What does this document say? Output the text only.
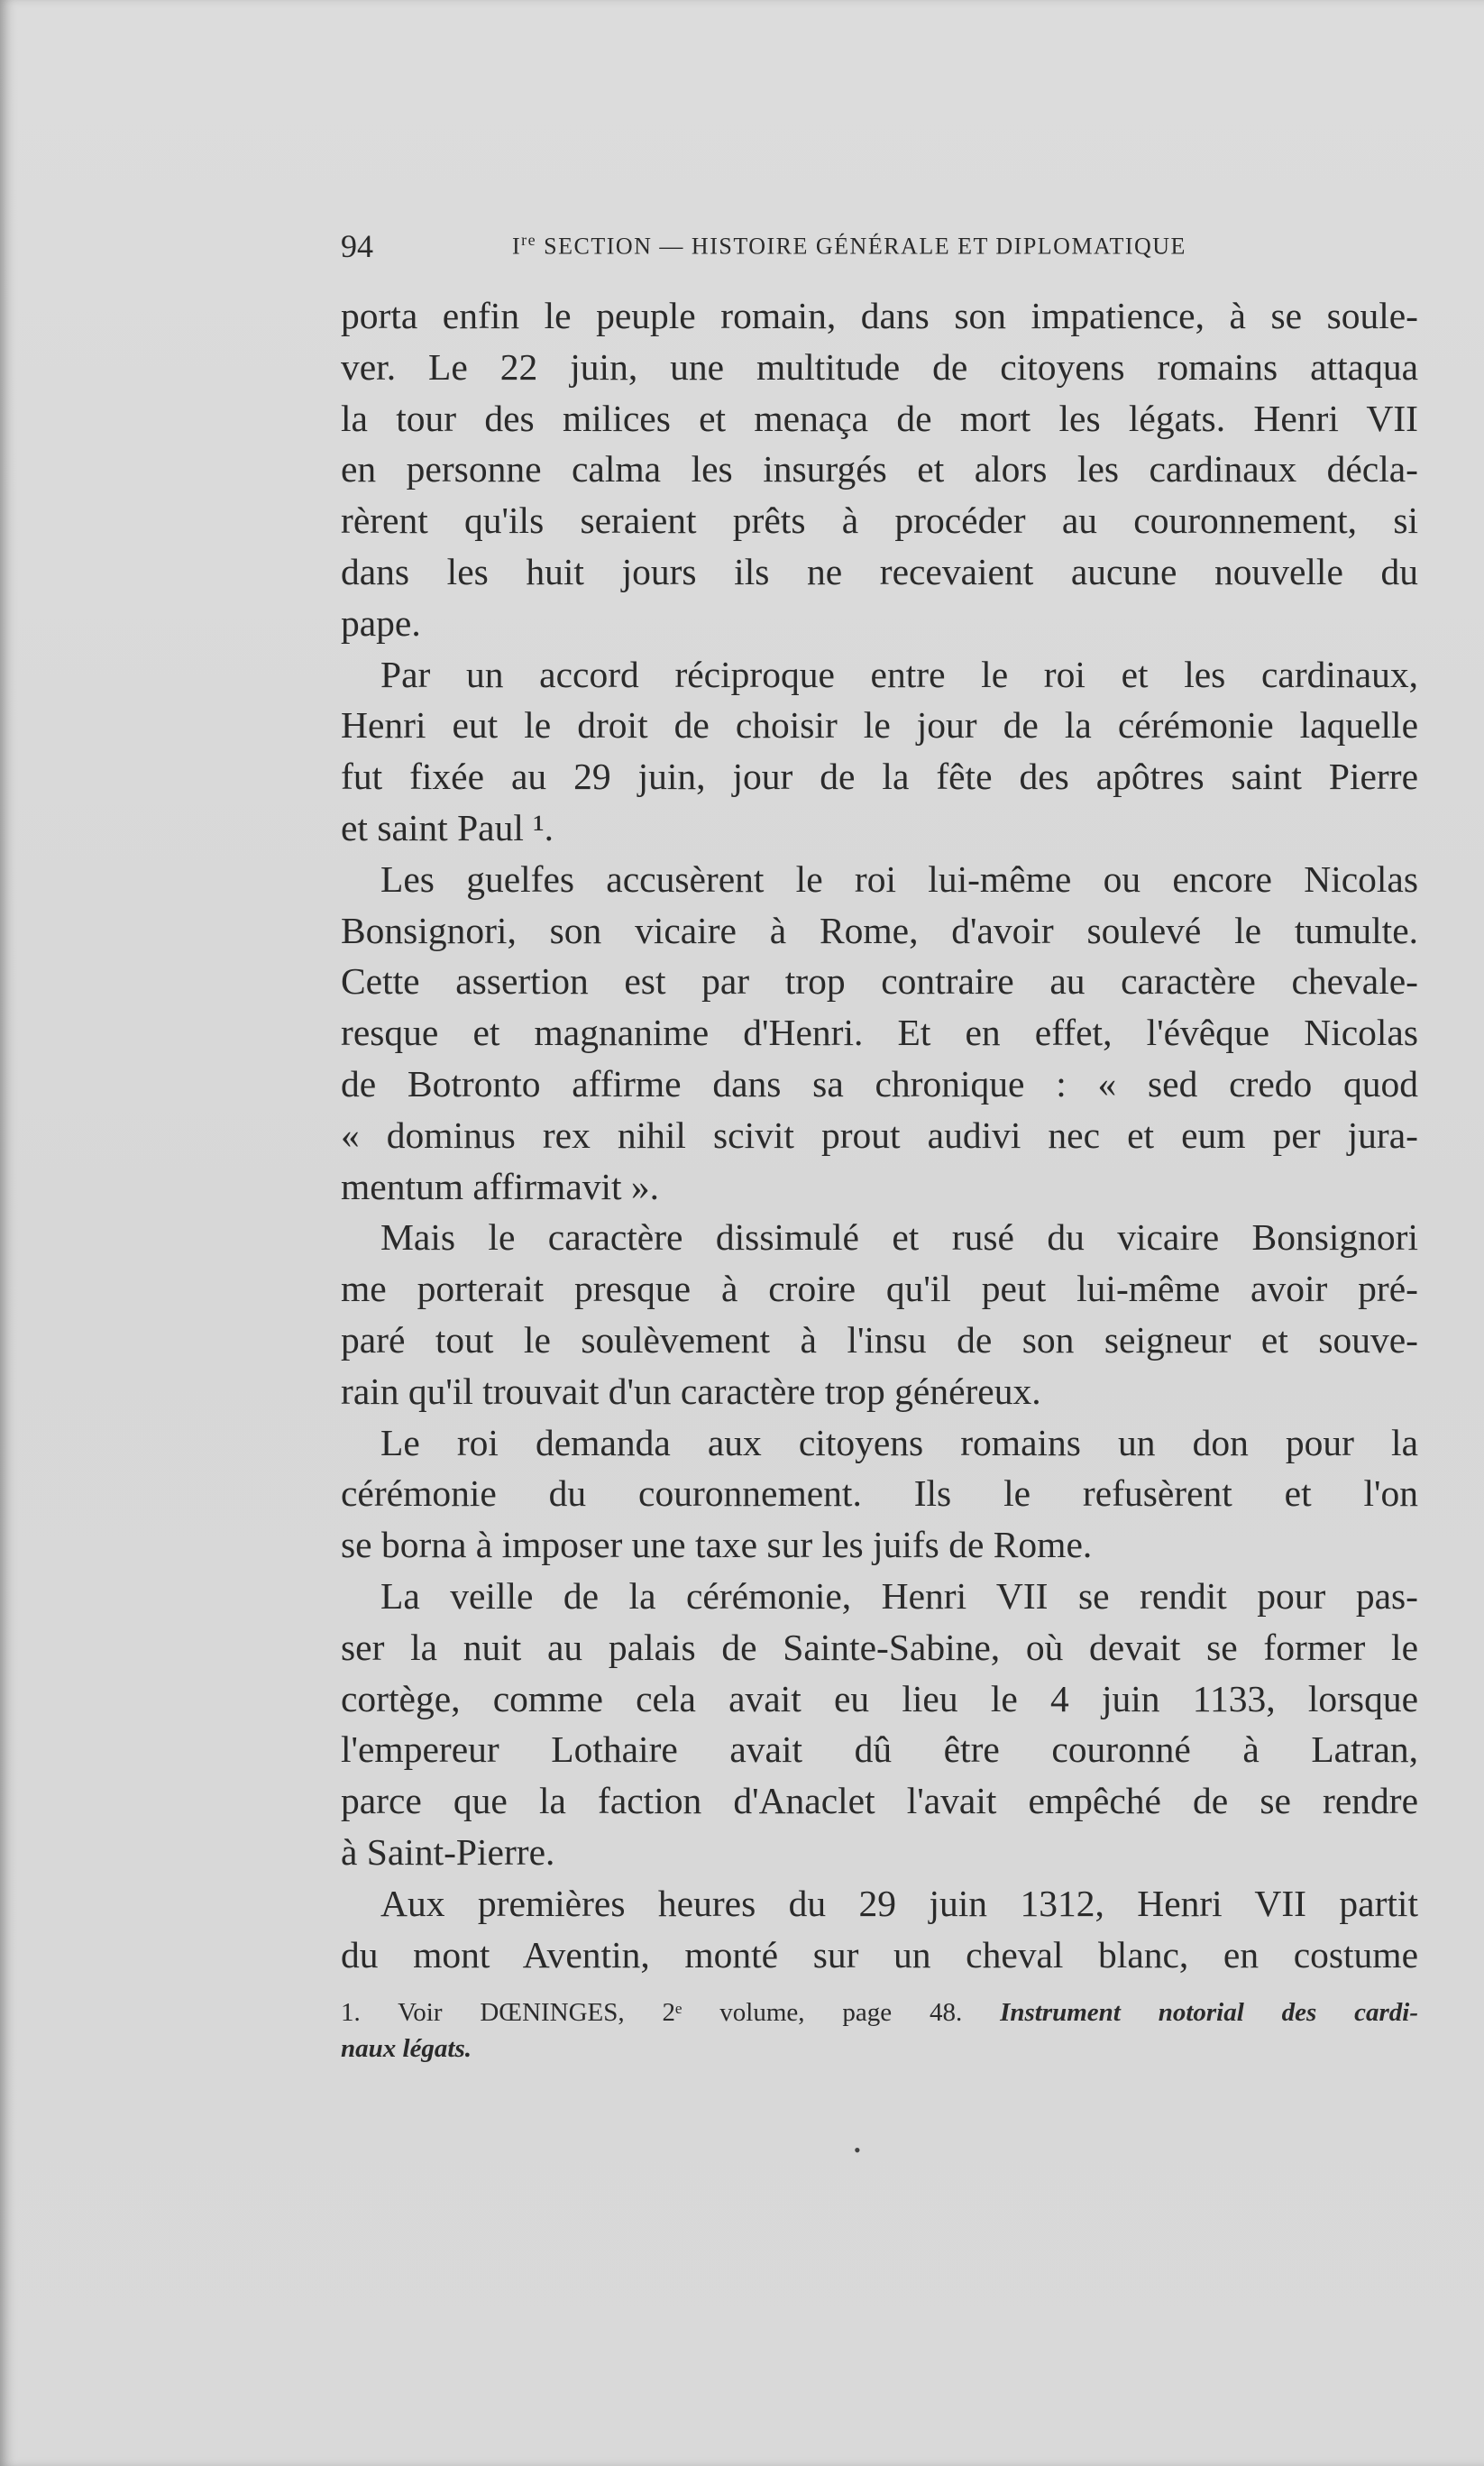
94	Ire SECTION — HISTOIRE GÉNÉRALE ET DIPLOMATIQUE
porta enfin le peuple romain, dans son impatience, à se soule-
ver. Le 22 juin, une multitude de citoyens romains attaqua
la tour des milices et menaça de mort les légats. Henri VII
en personne calma les insurgés et alors les cardinaux décla-
rèrent qu'ils seraient prêts à procéder au couronnement, si
dans les huit jours ils ne recevaient aucune nouvelle du
pape.
Par un accord réciproque entre le roi et les cardinaux,
Henri eut le droit de choisir le jour de la cérémonie laquelle
fut fixée au 29 juin, jour de la fête des apôtres saint Pierre
et saint Paul ¹.
Les guelfes accusèrent le roi lui-même ou encore Nicolas
Bonsignori, son vicaire à Rome, d'avoir soulevé le tumulte.
Cette assertion est par trop contraire au caractère chevale-
resque et magnanime d'Henri. Et en effet, l'évêque Nicolas
de Botronto affirme dans sa chronique : « sed credo quod
« dominus rex nihil scivit prout audivi nec et eum per jura-
mentum affirmavit ».
Mais le caractère dissimulé et rusé du vicaire Bonsignori
me porterait presque à croire qu'il peut lui-même avoir pré-
paré tout le soulèvement à l'insu de son seigneur et souve-
rain qu'il trouvait d'un caractère trop généreux.
Le roi demanda aux citoyens romains un don pour la
cérémonie du couronnement. Ils le refusèrent et l'on
se borna à imposer une taxe sur les juifs de Rome.
La veille de la cérémonie, Henri VII se rendit pour pas-
ser la nuit au palais de Sainte-Sabine, où devait se former le
cortège, comme cela avait eu lieu le 4 juin 1133, lorsque
l'empereur Lothaire avait dû être couronné à Latran,
parce que la faction d'Anaclet l'avait empêché de se rendre
à Saint-Pierre.
Aux premières heures du 29 juin 1312, Henri VII partit
du mont Aventin, monté sur un cheval blanc, en costume
1. Voir DŒNINGES, 2ᵉ volume, page 48. Instrument notorial des cardi-
naux légats.
•
